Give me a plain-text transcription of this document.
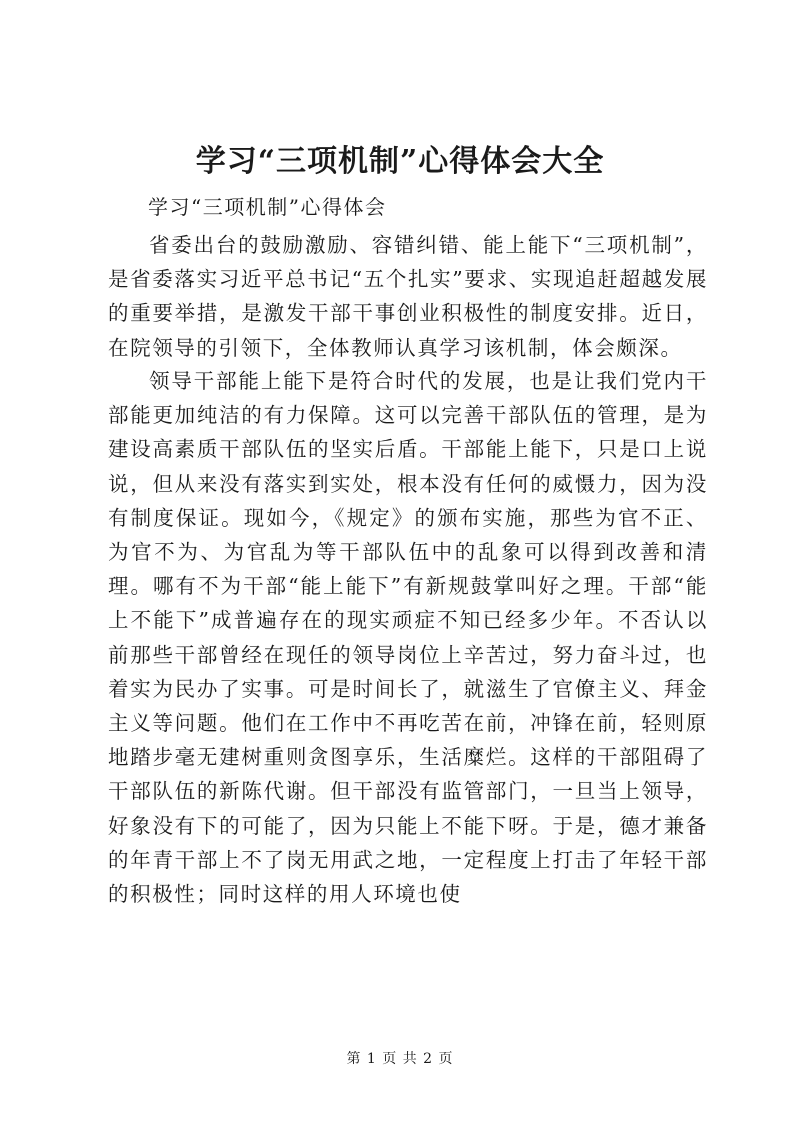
学习“三项机制”心得体会大全

学习“三项机制”心得体会

省委出台的鼓励激励、容错纠错、能上能下“三项机制”，是省委落实习近平总书记“五个扎实”要求、实现追赶超越发展的重要举措，是激发干部干事创业积极性的制度安排。近日，在院领导的引领下，全体教师认真学习该机制，体会颇深。

领导干部能上能下是符合时代的发展，也是让我们党内干部能更加纯洁的有力保障。这可以完善干部队伍的管理，是为建设高素质干部队伍的坚实后盾。干部能上能下，只是口上说说，但从来没有落实到实处，根本没有任何的威慑力，因为没有制度保证。现如今，《规定》的颁布实施，那些为官不正、为官不为、为官乱为等干部队伍中的乱象可以得到改善和清理。哪有不为干部“能上能下”有新规鼓掌叫好之理。干部“能上不能下”成普遍存在的现实顽症不知已经多少年。不否认以前那些干部曾经在现任的领导岗位上辛苦过，努力奋斗过，也着实为民办了实事。可是时间长了，就滋生了官僚主义、拜金主义等问题。他们在工作中不再吃苦在前，冲锋在前，轻则原地踏步毫无建树重则贪图享乐，生活糜烂。这样的干部阻碍了干部队伍的新陈代谢。但干部没有监管部门，一旦当上领导，好象没有下的可能了，因为只能上不能下呀。于是，德才兼备的年青干部上不了岗无用武之地，一定程度上打击了年轻干部的积极性；同时这样的用人环境也使

第 1 页 共 2 页
